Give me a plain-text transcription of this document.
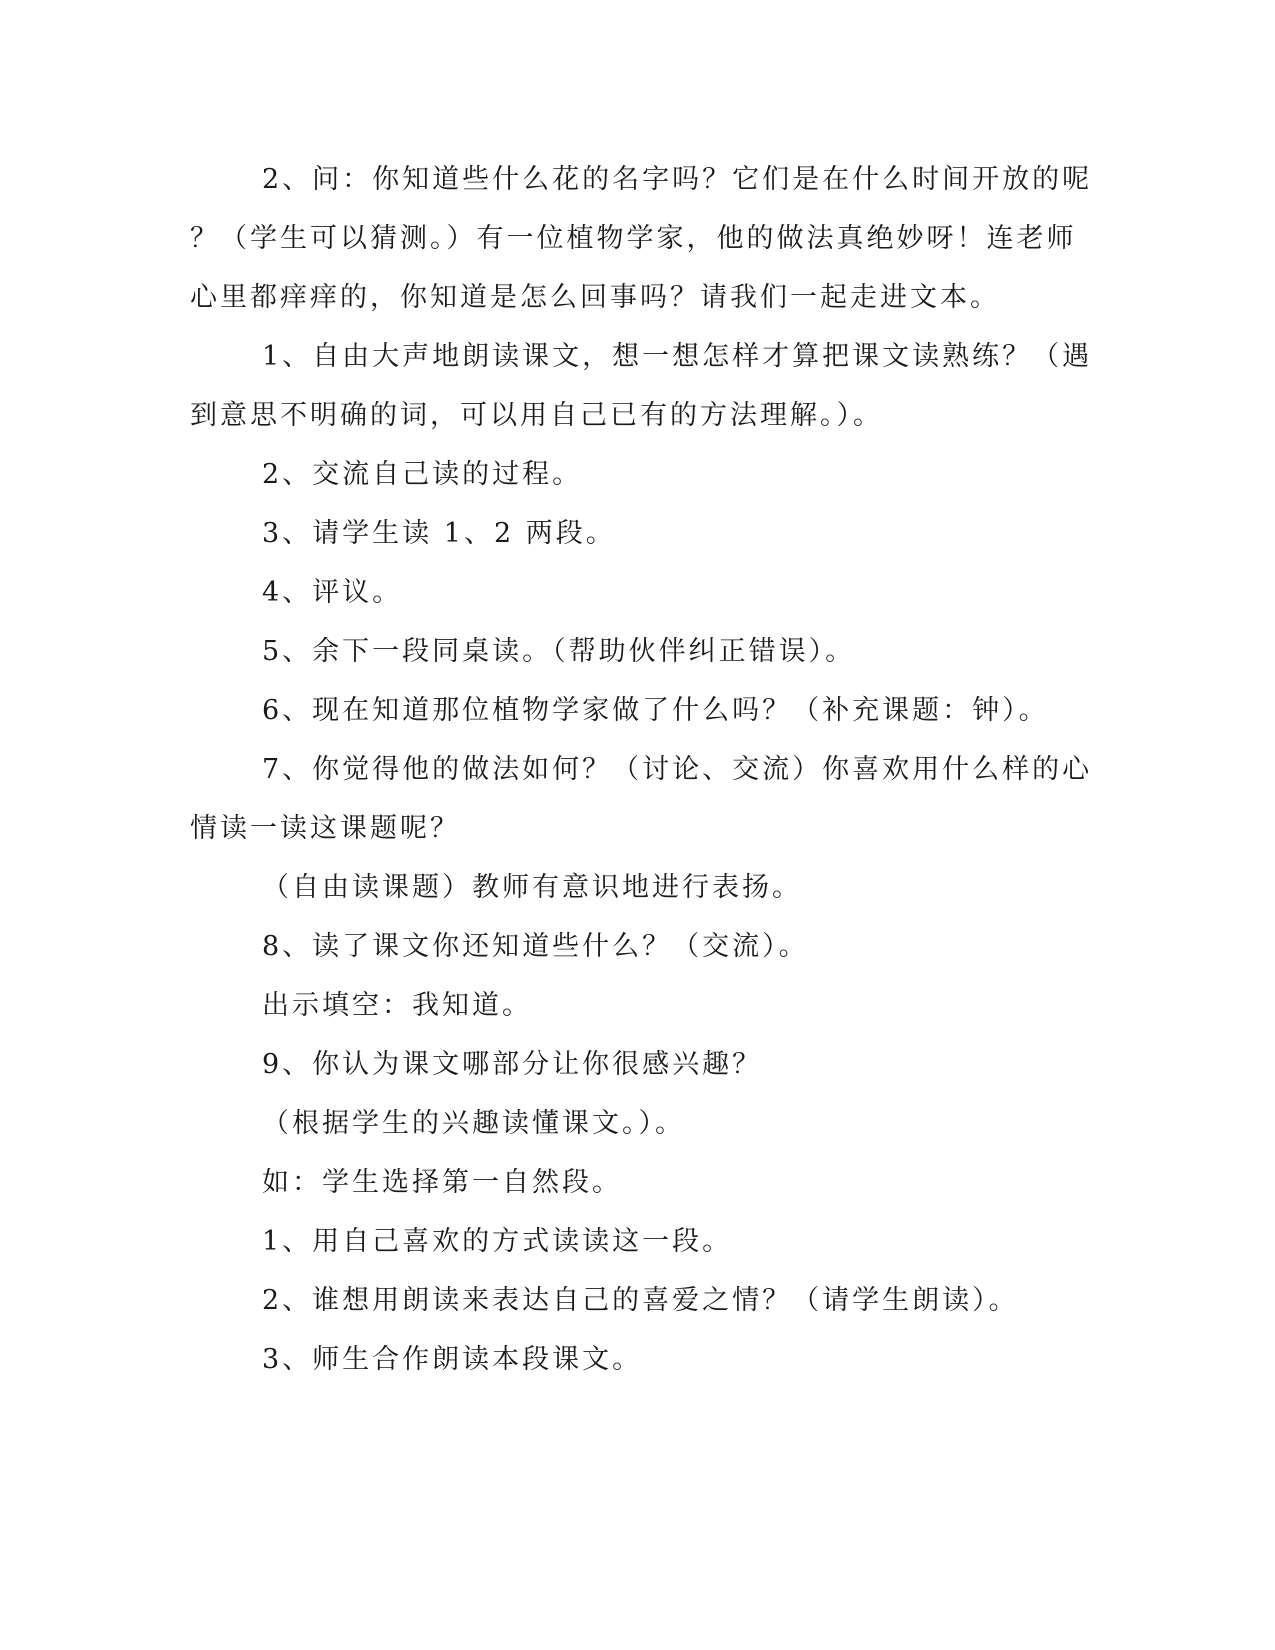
2、问：你知道些什么花的名字吗？它们是在什么时间开放的呢
？（学生可以猜测。）有一位植物学家，他的做法真绝妙呀！连老师
心里都痒痒的，你知道是怎么回事吗？请我们一起走进文本。
1、自由大声地朗读课文，想一想怎样才算把课文读熟练？（遇
到意思不明确的词，可以用自己已有的方法理解。）。
2、交流自己读的过程。
3、请学生读 1、2 两段。
4、评议。
5、余下一段同桌读。（帮助伙伴纠正错误）。
6、现在知道那位植物学家做了什么吗？（补充课题：钟）。
7、你觉得他的做法如何？（讨论、交流）你喜欢用什么样的心
情读一读这课题呢？
（自由读课题）教师有意识地进行表扬。
8、读了课文你还知道些什么？（交流）。
出示填空：我知道。
9、你认为课文哪部分让你很感兴趣？
（根据学生的兴趣读懂课文。）。
如：学生选择第一自然段。
1、用自己喜欢的方式读读这一段。
2、谁想用朗读来表达自己的喜爱之情？（请学生朗读）。
3、师生合作朗读本段课文。
